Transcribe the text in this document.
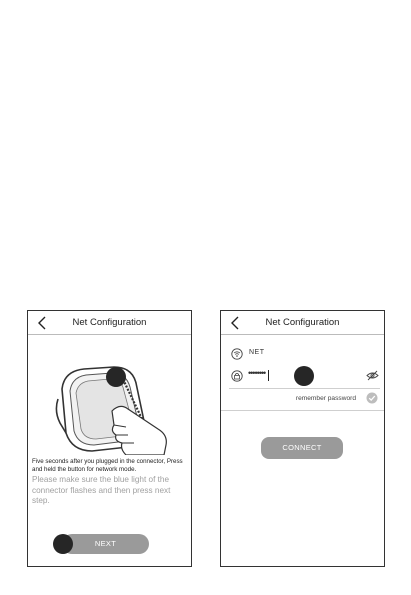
Net Configuration
Five seconds after you plugged in the connector, Press and held the button for network mode.
Please make sure the blue light of the connector flashes and then press next step.
NEXT
Net Configuration
NET
••••••••
remember password
CONNECT
